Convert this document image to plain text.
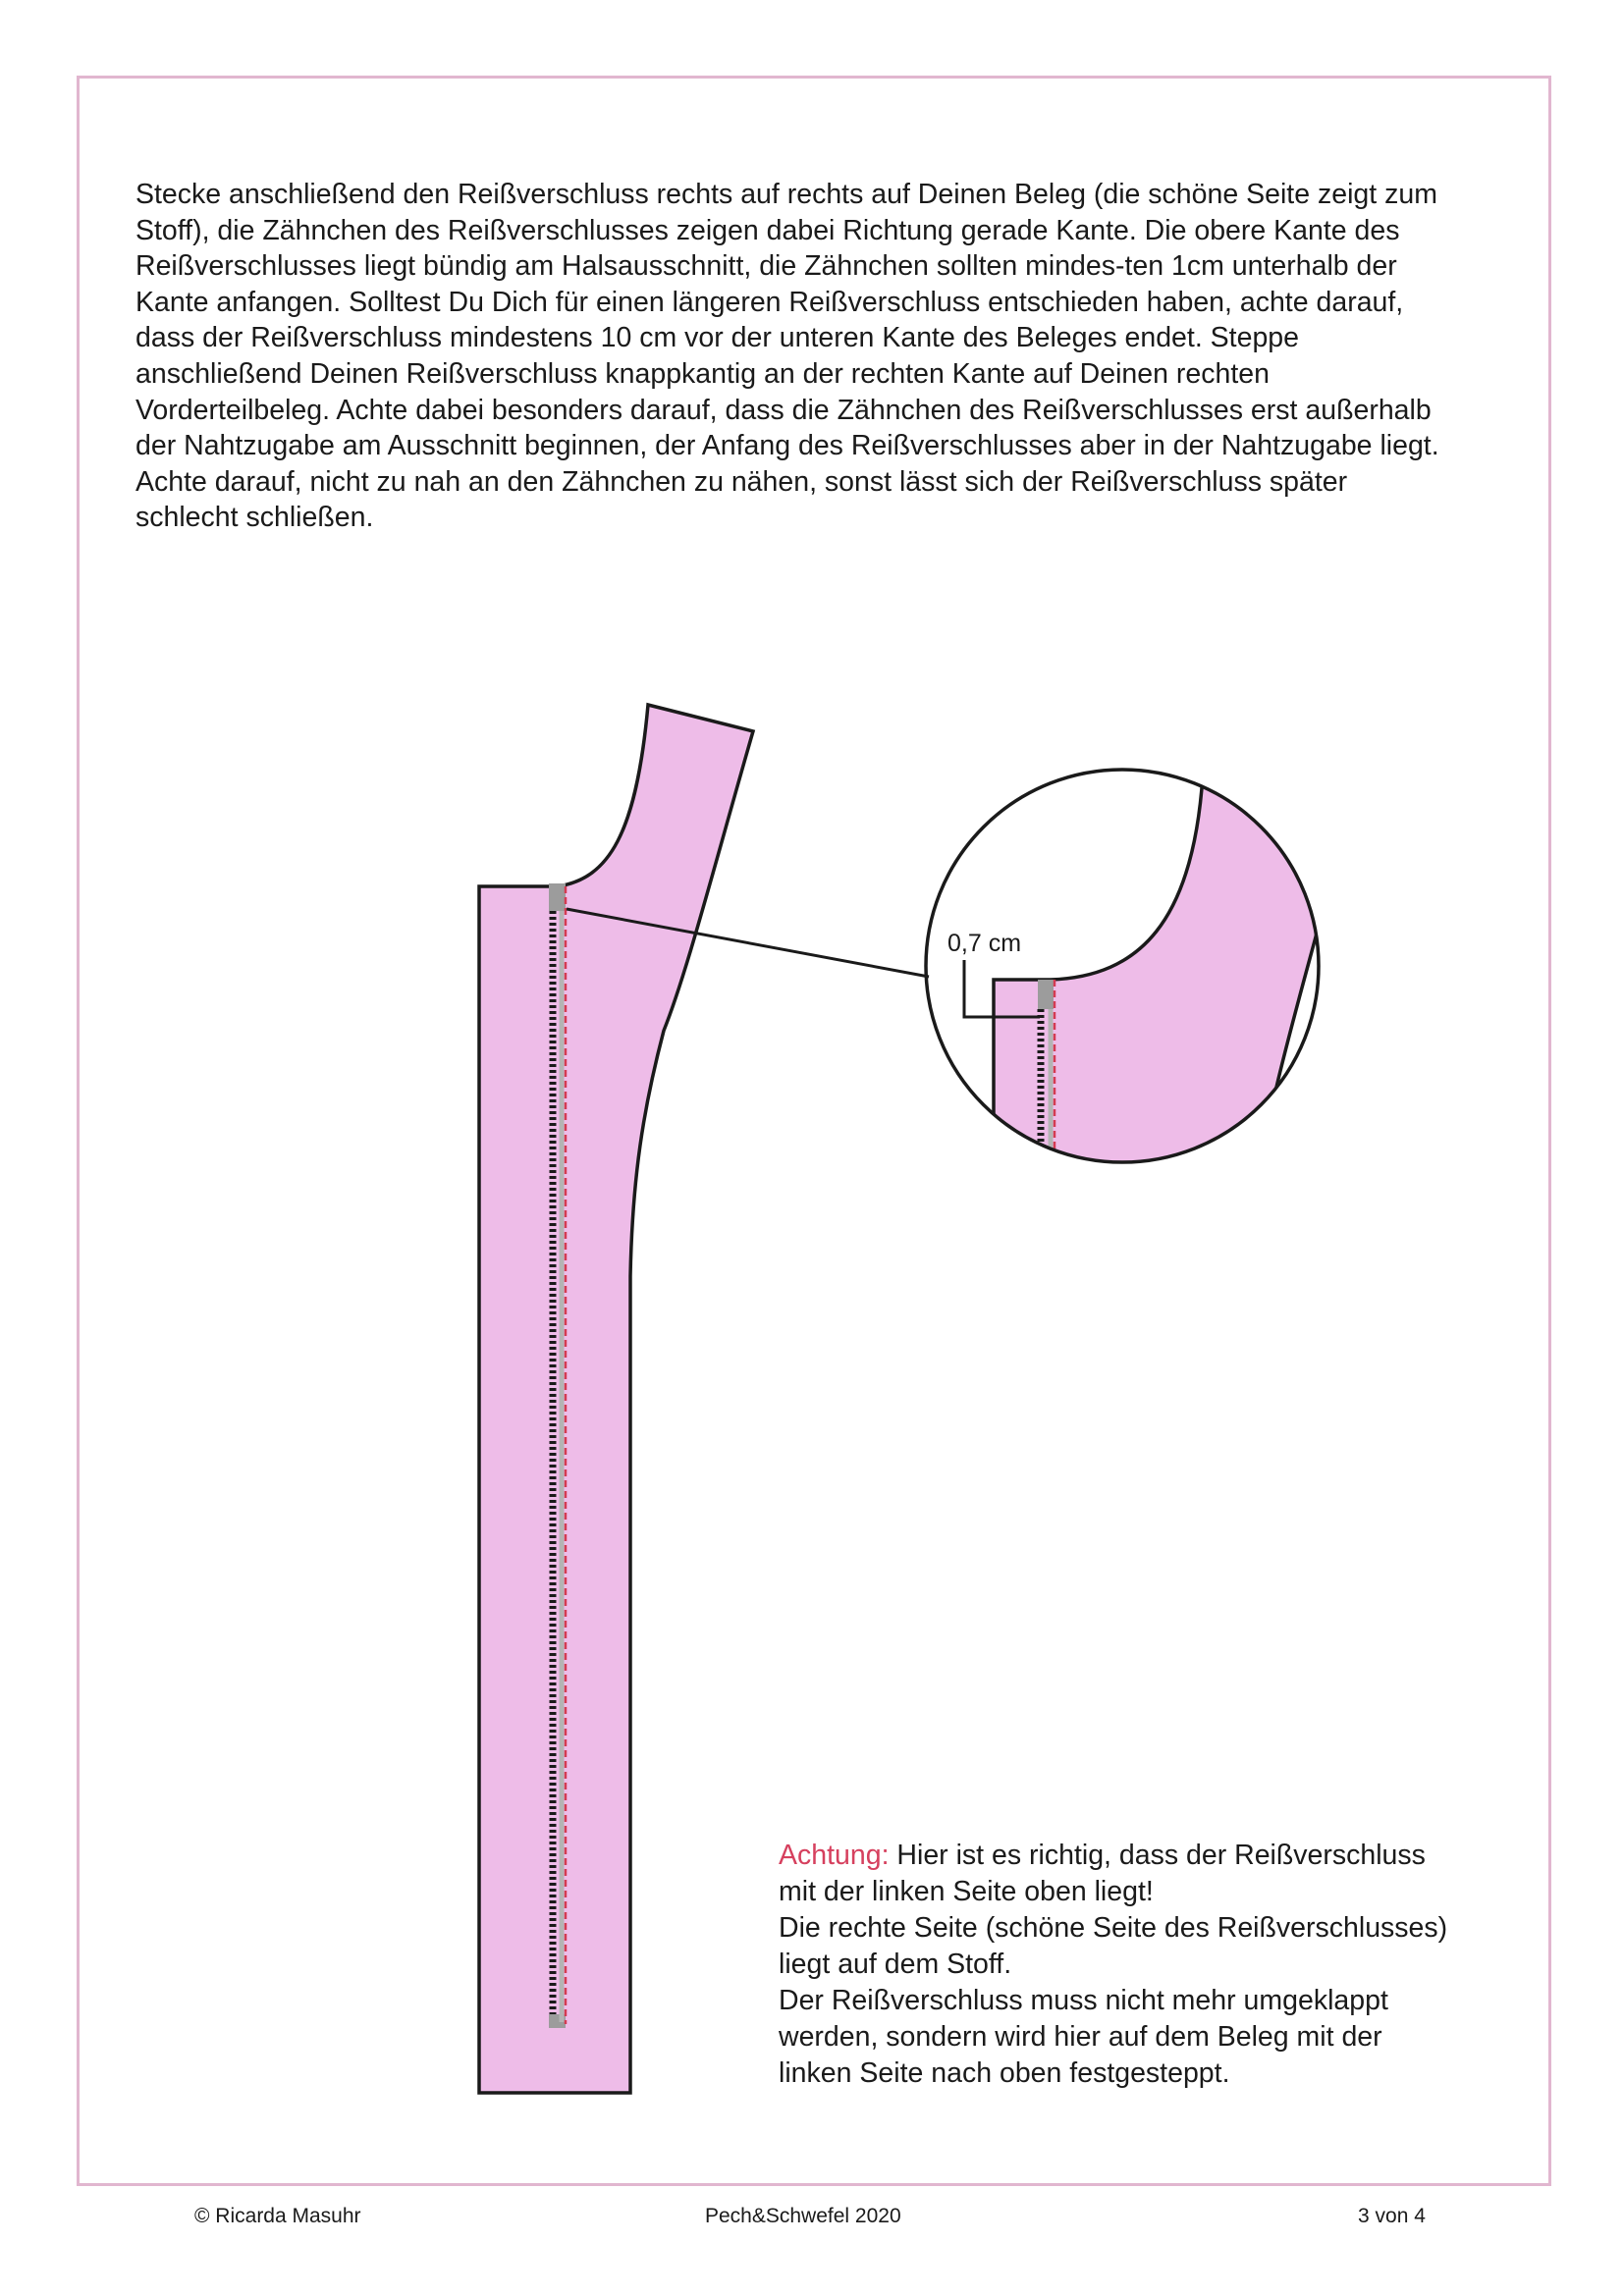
Stecke anschließend den Reißverschluss rechts auf rechts auf Deinen Beleg (die schöne Seite zeigt zum Stoff), die Zähnchen des Reißverschlusses zeigen dabei Richtung gerade Kante. Die obere Kante des Reißverschlusses liegt bündig am Halsausschnitt, die Zähnchen sollten mindes-ten 1cm unterhalb der Kante anfangen. Solltest Du Dich für einen längeren Reißverschluss entschieden haben, achte darauf, dass der Reißverschluss mindestens 10 cm vor der unteren Kante des Beleges endet. Steppe anschließend Deinen Reißverschluss knappkantig an der rechten Kante auf Deinen rechten Vorderteilbeleg. Achte dabei besonders darauf, dass die Zähnchen des Reißverschlusses erst außerhalb der Nahtzugabe am Ausschnitt beginnen, der Anfang des Reißverschlusses aber in der Nahtzugabe liegt. Achte darauf, nicht zu nah an den Zähnchen zu nähen, sonst lässt sich der Reißverschluss später schlecht schließen.

0,7 cm
Achtung: Hier ist es richtig, dass der Reißverschluss
mit der linken Seite oben liegt!
Die rechte Seite (schöne Seite des Reißverschlusses)
liegt auf dem Stoff.
Der Reißverschluss muss nicht mehr umgeklappt
werden, sondern wird hier auf dem Beleg mit der
linken Seite nach oben festgesteppt.
© Ricarda Masuhr	Pech&Schwefel 2020	3 von 4
